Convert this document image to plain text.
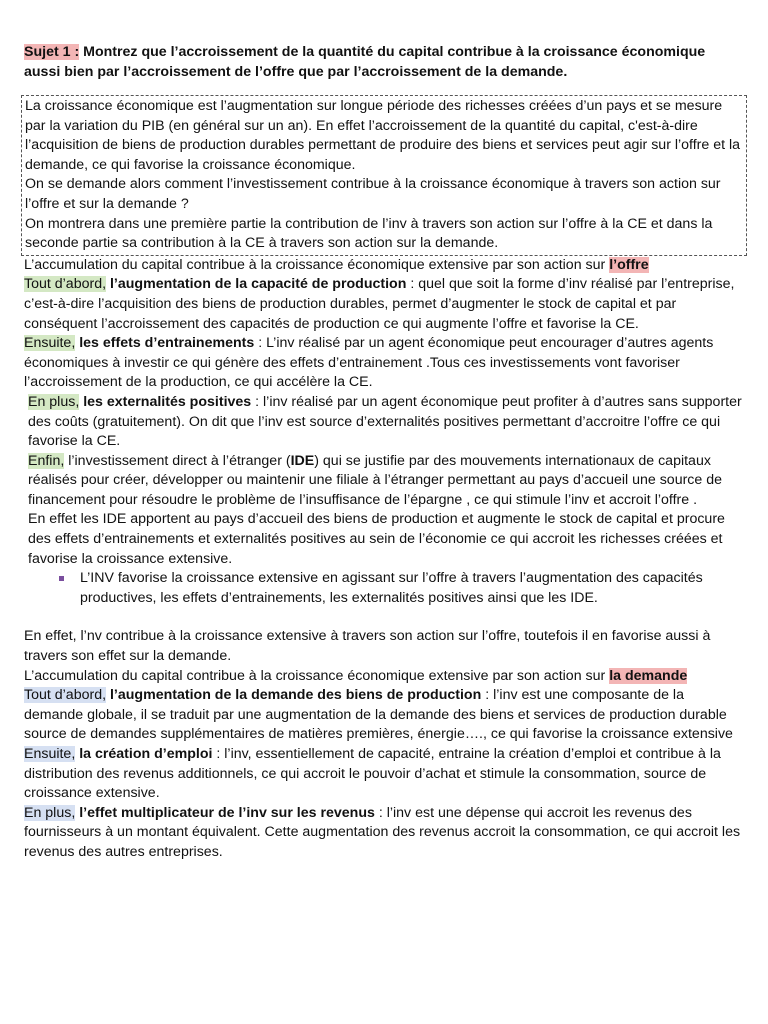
Sujet 1 : Montrez que l’accroissement de la quantité du capital contribue à la croissance économique aussi bien par l’accroissement de l’offre que par l’accroissement de la demande.

La croissance économique est l’augmentation sur longue période des richesses créées d’un pays et se mesure par la variation du PIB (en général sur un an). En effet l’accroissement de la quantité du capital, c'est-à-dire l’acquisition de biens de production durables permettant de produire des biens et services peut agir sur l’offre et la demande, ce qui favorise la croissance économique.

On se demande alors comment l’investissement contribue à la croissance économique à travers son action sur l’offre et sur la demande ?

On montrera dans une première partie la contribution de l’inv à travers son action sur l’offre à la CE et dans la seconde partie sa contribution à la CE à travers son action sur la demande.

L’accumulation du capital contribue à la croissance économique extensive par son action sur l’offre

Tout d’abord, l’augmentation de la capacité de production : quel que soit la forme d’inv réalisé par l’entreprise, c’est-à-dire l’acquisition des biens de production durables, permet d’augmenter le stock de capital et par conséquent l’accroissement des capacités de production ce qui augmente l’offre et favorise la CE.

Ensuite, les effets d’entrainements : L’inv réalisé par un agent économique peut encourager d’autres agents économiques à investir ce qui génère des effets d’entrainement .Tous ces investissements vont favoriser l’accroissement de la production, ce qui accélère la CE.

En plus, les externalités positives : l’inv réalisé par un agent économique peut profiter à d’autres sans supporter des coûts (gratuitement). On dit que l’inv est source d’externalités positives permettant d’accroitre l’offre ce qui favorise la CE.

Enfin, l’investissement direct à l’étranger (IDE) qui se justifie par des mouvements internationaux de capitaux réalisés pour créer, développer ou maintenir une filiale à l’étranger permettant au pays d’accueil une source de financement pour résoudre le problème de l’insuffisance de l’épargne , ce qui stimule l’inv et accroit l’offre .

En effet les IDE apportent au pays d’accueil des biens de production et augmente le stock de capital et procure des effets d’entrainements et externalités positives au sein de l’économie ce qui accroit les richesses créées et favorise la croissance extensive.

L’INV favorise la croissance extensive en agissant sur l’offre à travers l’augmentation des capacités productives, les effets d’entrainements, les externalités positives ainsi que les IDE.

En effet, l’nv contribue à la croissance extensive à travers son action sur l’offre, toutefois il en favorise aussi à travers son effet sur la demande.

L’accumulation du capital contribue à la croissance économique extensive par son action sur la demande

Tout d’abord, l’augmentation de la demande des biens de production : l’inv est une composante de la demande globale, il se traduit par une augmentation de la demande des biens et services de production durable source de demandes supplémentaires de matières premières, énergie…., ce qui favorise la croissance extensive

Ensuite, la création d’emploi : l’inv, essentiellement de capacité, entraine la création d’emploi et contribue à la distribution des revenus additionnels, ce qui accroit le pouvoir d’achat et stimule la consommation, source de croissance extensive.

En plus, l’effet multiplicateur de l’inv sur les revenus : l’inv est une dépense qui accroit les revenus des fournisseurs à un montant équivalent. Cette augmentation des revenus accroit la consommation, ce qui accroit les revenus des autres entreprises.
